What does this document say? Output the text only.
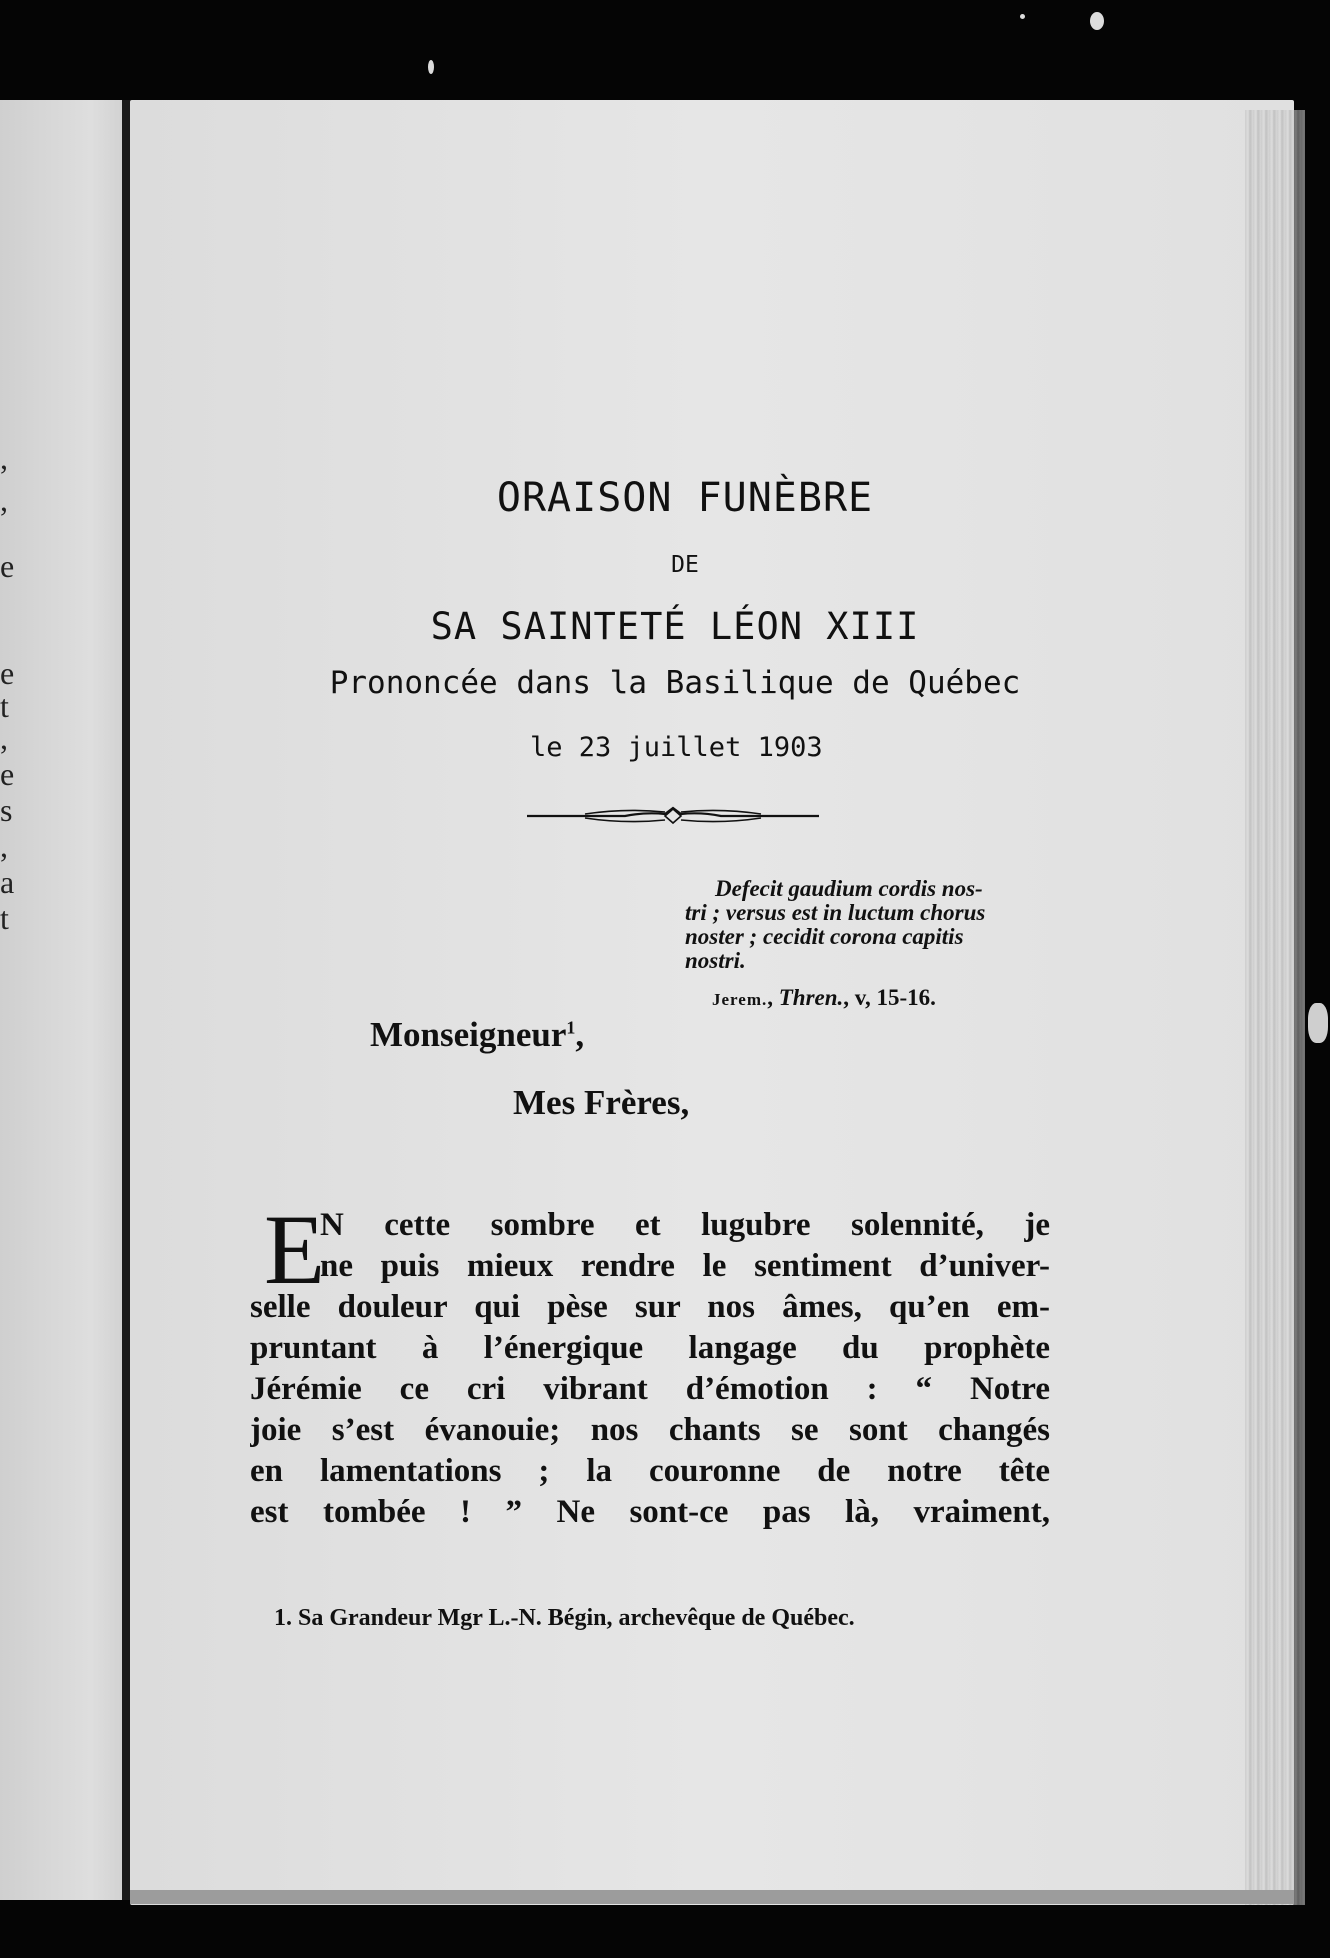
,
,
e
e
t
,
e
s
,
a
t
ORAISON FUNÈBRE
DE
SA SAINTETÉ LÉON XIII
Prononcée dans la Basilique de Québec
le 23 juillet 1903
Defecit gaudium cordis nos-
tri ; versus est in luctum chorus
noster ; cecidit corona capitis
nostri.
Jerem., Thren., v, 15-16.
Monseigneur$^1$,
Mes Frères,
E
N cette sombre et lugubre solennité, je
ne puis mieux rendre le sentiment d’univer-
selle douleur qui pèse sur nos âmes, qu’en em-
pruntant à l’énergique langage du prophète
Jérémie ce cri vibrant d’émotion : “ Notre
joie s’est évanouie; nos chants se sont changés
en lamentations ; la couronne de notre tête
est tombée ! ” Ne sont-ce pas là, vraiment,
1. Sa Grandeur Mgr L.-N. Bégin, archevêque de Québec.
